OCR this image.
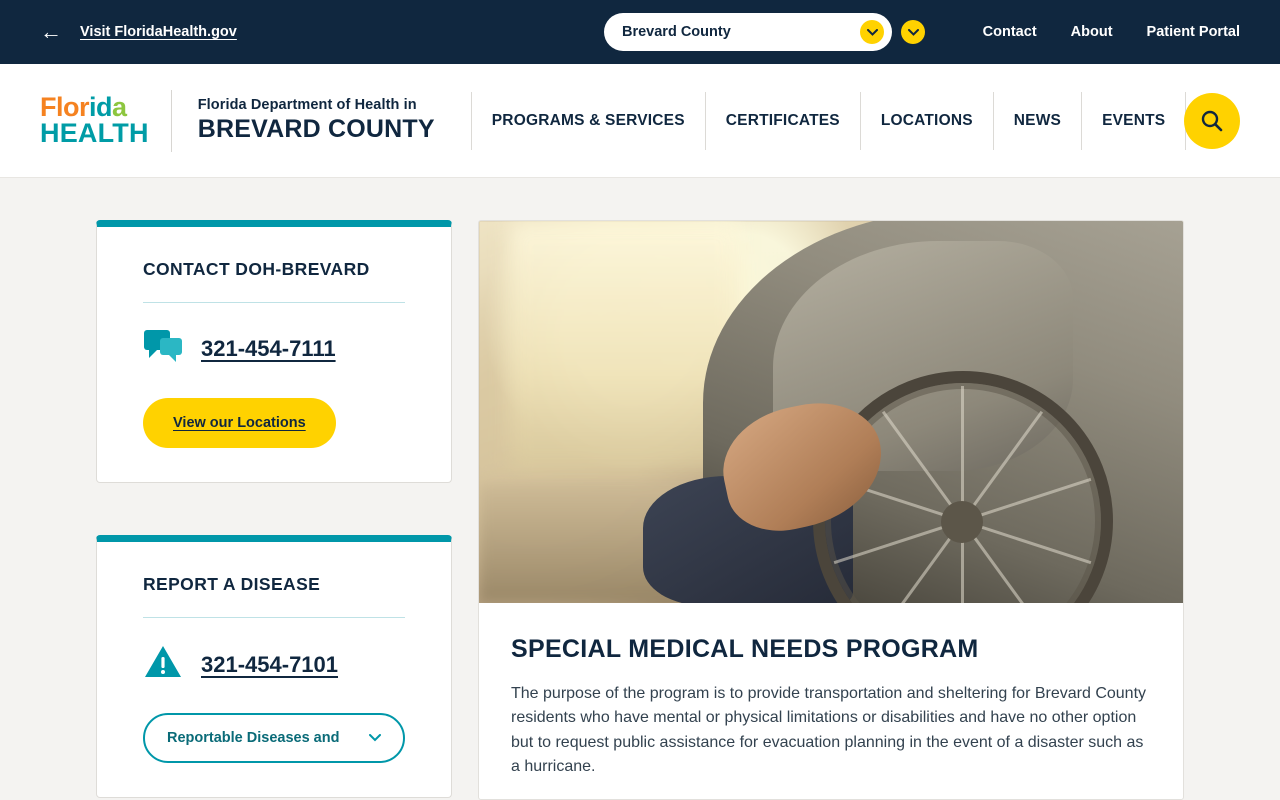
← Visit FloridaHealth.gov	Brevard County	Contact About Patient Portal
Florida
HEALTH
Florida Department of Health in
BREVARD COUNTY	PROGRAMS & SERVICES	CERTIFICATES	LOCATIONS	NEWS	EVENTS
CONTACT DOH-BREVARD
321-454-7111
View our Locations
REPORT A DISEASE
321-454-7101
Reportable Diseases and
SPECIAL MEDICAL NEEDS PROGRAM

The purpose of the program is to provide transportation and sheltering for Brevard County residents who have mental or physical limitations or disabilities and have no other option but to request public assistance for evacuation planning in the event of a disaster such as a hurricane.
